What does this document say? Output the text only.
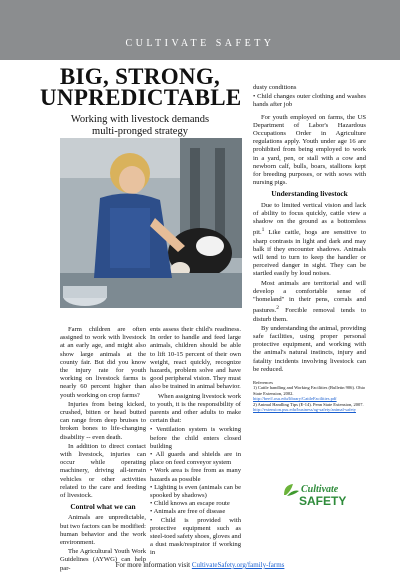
CULTIVATE SAFETY
BIG, STRONG,
UNPREDICTABLE
Working with livestock demands
multi-pronged strategy

Farm children are often assigned to work with livestock at an early age, and might also show large animals at the county fair. But did you know the injury rate for youth working on livestock farms is nearly 60 percent higher than youth working on crop farms?

Injuries from being kicked, crushed, bitten or head butted can range from deep bruises to broken bones to life-changing disability -- even death.

In addition to direct contact with livestock, injuries can occur while operating machinery, driving all-terrain vehicles or other activities related to the care and feeding of livestock.

Control what we can

Animals are unpredictable, but two factors can be modified: human behavior and the work environment.

The Agricultural Youth Work Guidelines (AYWG) can help par-

ents assess their child's readiness. In order to handle and feed large animals, children should be able to lift 10-15 percent of their own weight, react quickly, recognize hazards, problem solve and have good peripheral vision. They must also be trained in animal behavior.

When assigning livestock work to youth, it is the responsibility of parents and other adults to make certain that:

• Ventilation system is working before the child enters closed building

• All guards and shields are in place on feed conveyor system

• Work area is free from as many hazards as possible

• Lighting is even (animals can be spooked by shadows)

• Child knows an escape route

• Animals are free of disease

• Child is provided with protective equipment such as steel-toed safety shoes, gloves and a dust mask/respirator if working in

dusty conditions

• Child changes outer clothing and washes hands after job

For youth employed on farms, the US Department of Labor's Hazardous Occupations Order in Agriculture regulations apply. Youth under age 16 are prohibited from being employed to work in a yard, pen, or stall with a cow and newborn calf, bulls, boars, stallions kept for breeding purposes, or with sows with nursing pigs.

Understanding livestock

Due to limited vertical vision and lack of ability to focus quickly, cattle view a shadow on the ground as a bottomless pit.$^1$ Like cattle, hogs are sensitive to sharp contrasts in light and dark and may balk if they encounter shadows. Animals will tend to turn to keep the handler or perceived danger in sight. They can be startled easily by loud noises.

Most animals are territorial and will develop a comfortable sense of "homeland" in their pens, corrals and pastures.$^2$ Forcible removal tends to disturb them.

By understanding the animal, providing safe facilities, using proper personal protective equipment, and working with the animal's natural instincts, injury and fatality incidents involving livestock can be reduced.

References
1) Cattle handling and Working Facilities (Bulletin 906). Ohio State Extension, 2002. http://bee/f.osu.edu/library/CattleFacilities.pdf
2) Animal Handling Tips (E-14). Penn State Extension, 2007. http://extension.psu.edu/business/ag-safety/animal-safety
Cultivate
SAFETY
For more information visit CultivateSafety.org/family-farms
